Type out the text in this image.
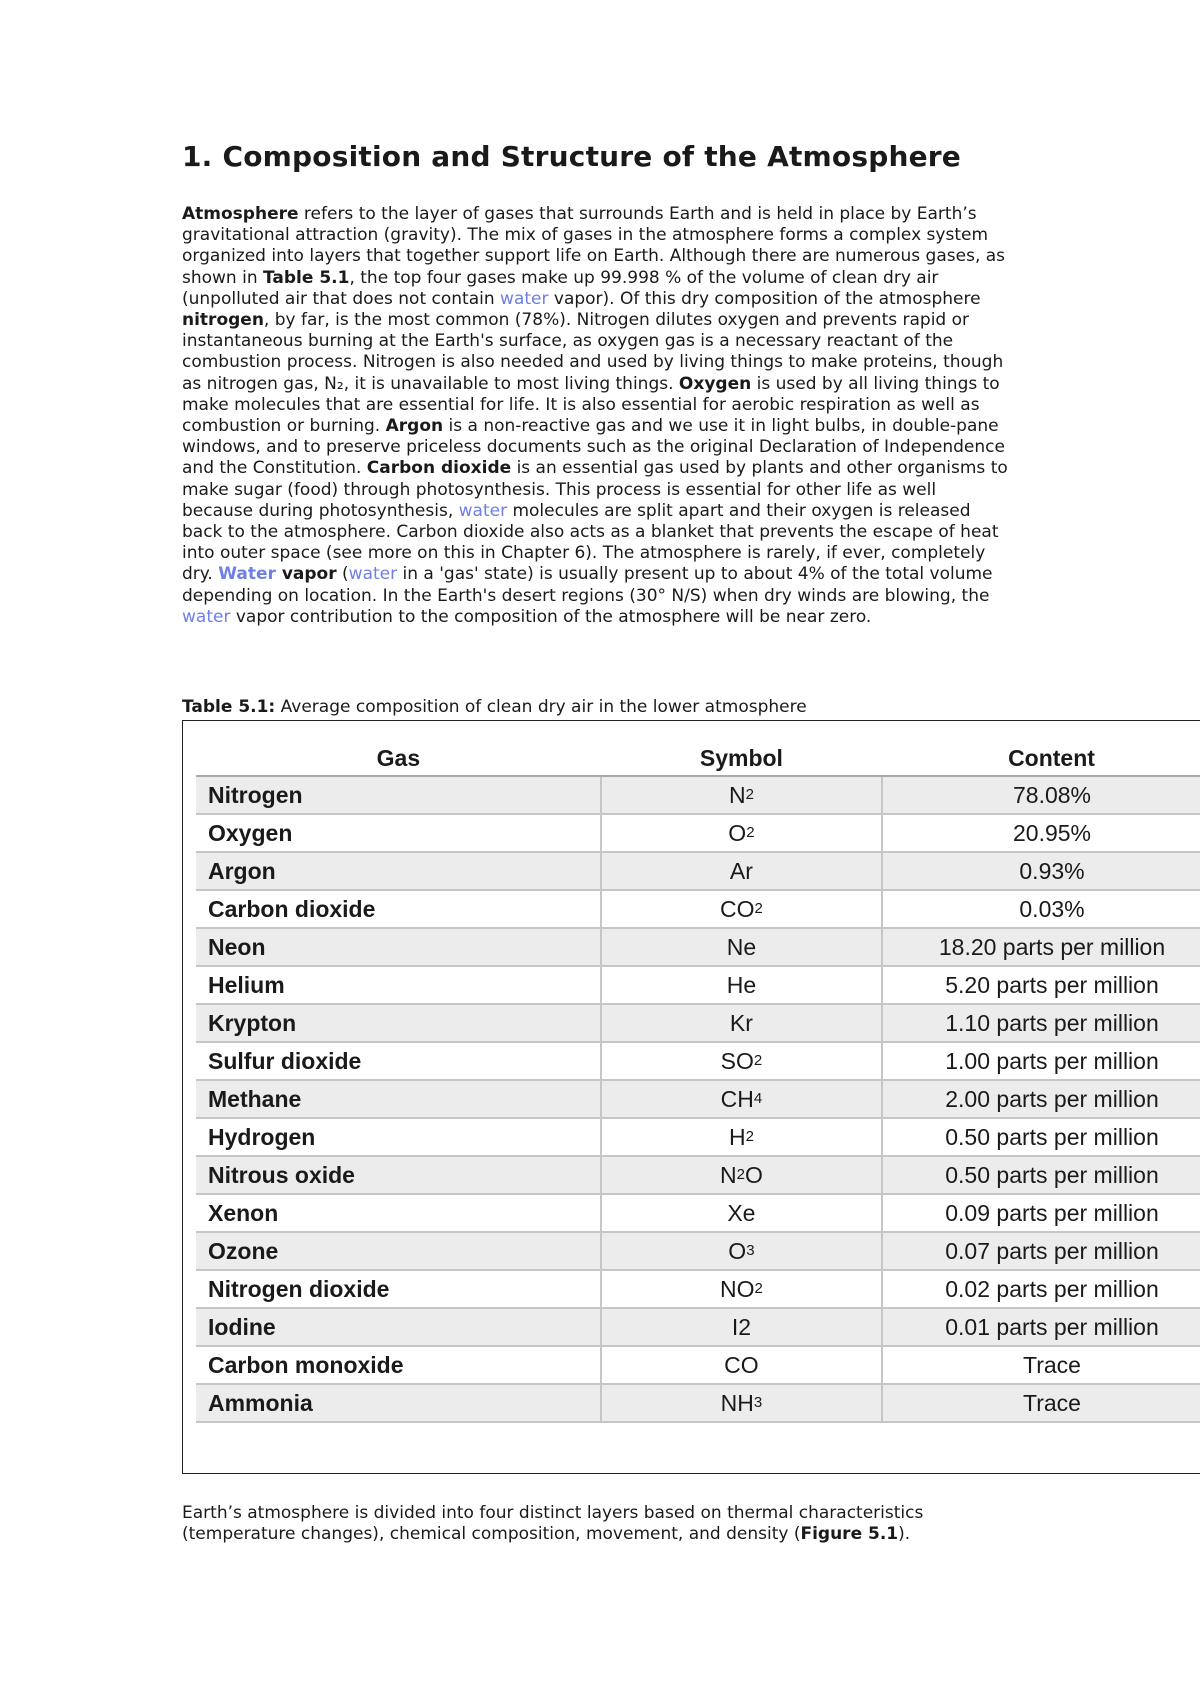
1. Composition and Structure of the Atmosphere

Atmosphere refers to the layer of gases that surrounds Earth and is held in place by Earth’s gravitational attraction (gravity). The mix of gases in the atmosphere forms a complex system organized into layers that together support life on Earth. Although there are numerous gases, as shown in Table 5.1, the top four gases make up 99.998 % of the volume of clean dry air (unpolluted air that does not contain water vapor). Of this dry composition of the atmosphere nitrogen, by far, is the most common (78%). Nitrogen dilutes oxygen and prevents rapid or instantaneous burning at the Earth's surface, as oxygen gas is a necessary reactant of the combustion process. Nitrogen is also needed and used by living things to make proteins, though as nitrogen gas, N₂, it is unavailable to most living things. Oxygen is used by all living things to make molecules that are essential for life. It is also essential for aerobic respiration as well as combustion or burning. Argon is a non-reactive gas and we use it in light bulbs, in double-pane windows, and to preserve priceless documents such as the original Declaration of Independence and the Constitution. Carbon dioxide is an essential gas used by plants and other organisms to make sugar (food) through photosynthesis. This process is essential for other life as well because during photosynthesis, water molecules are split apart and their oxygen is released back to the atmosphere. Carbon dioxide also acts as a blanket that prevents the escape of heat into outer space (see more on this in Chapter 6). The atmosphere is rarely, if ever, completely dry. Water vapor (water in a 'gas' state) is usually present up to about 4% of the total volume depending on location. In the Earth's desert regions (30° N/S) when dry winds are blowing, the water vapor contribution to the composition of the atmosphere will be near zero.

Table 5.1: Average composition of clean dry air in the lower atmosphere

Gas	Symbol	Content
Nitrogen	$N_2$	78.08%
Oxygen	$O_2$	20.95%
Argon	Ar	0.93%
Carbon dioxide	$CO_2$	0.03%
Neon	Ne	18.20 parts per million
Helium	He	5.20 parts per million
Krypton	Kr	1.10 parts per million
Sulfur dioxide	$SO_2$	1.00 parts per million
Methane	$CH_4$	2.00 parts per million
Hydrogen	$H_2$	0.50 parts per million
Nitrous oxide	$N_2O$	0.50 parts per million
Xenon	Xe	0.09 parts per million
Ozone	$O_3$	0.07 parts per million
Nitrogen dioxide	$NO_2$	0.02 parts per million
Iodine	I2	0.01 parts per million
Carbon monoxide	CO	Trace
Ammonia	$NH_3$	Trace

Earth’s atmosphere is divided into four distinct layers based on thermal characteristics (temperature changes), chemical composition, movement, and density (Figure 5.1).
